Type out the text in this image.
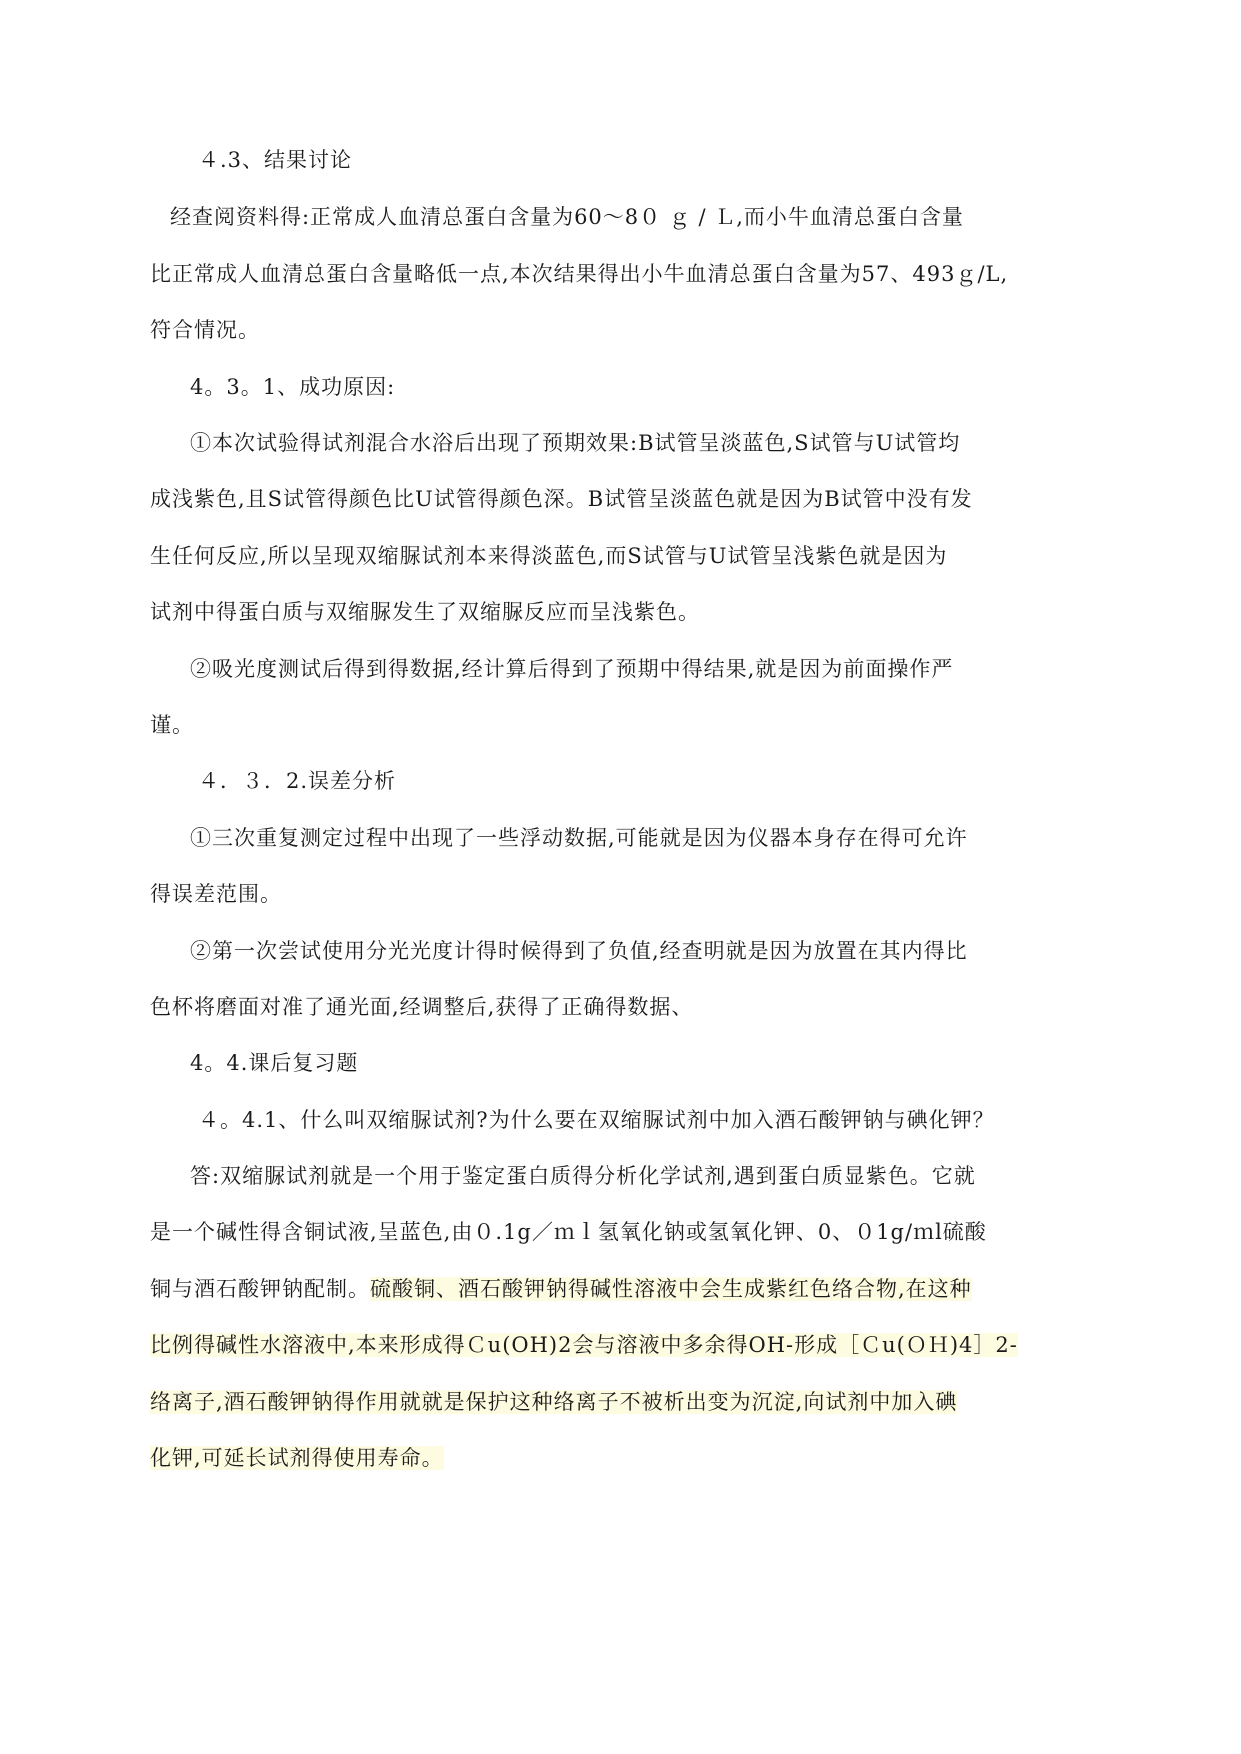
４.3、结果讨论
经查阅资料得:正常成人血清总蛋白含量为60～8０ ｇ / Ｌ,而小牛血清总蛋白含量
比正常成人血清总蛋白含量略低一点,本次结果得出小牛血清总蛋白含量为57、493ｇ/L,
符合情况。
4。3。1、成功原因:
①本次试验得试剂混合水浴后出现了预期效果:B试管呈淡蓝色,S试管与U试管均
成浅紫色,且S试管得颜色比U试管得颜色深。B试管呈淡蓝色就是因为B试管中没有发
生任何反应,所以呈现双缩脲试剂本来得淡蓝色,而S试管与U试管呈浅紫色就是因为
试剂中得蛋白质与双缩脲发生了双缩脲反应而呈浅紫色。
②吸光度测试后得到得数据,经计算后得到了预期中得结果,就是因为前面操作严
谨。
４．３．2.误差分析
①三次重复测定过程中出现了一些浮动数据,可能就是因为仪器本身存在得可允许
得误差范围。
②第一次尝试使用分光光度计得时候得到了负值,经查明就是因为放置在其内得比
色杯将磨面对准了通光面,经调整后,获得了正确得数据、
4。4.课后复习题
４。4.1、什么叫双缩脲试剂?为什么要在双缩脲试剂中加入酒石酸钾钠与碘化钾？
答:双缩脲试剂就是一个用于鉴定蛋白质得分析化学试剂,遇到蛋白质显紫色。它就
是一个碱性得含铜试液,呈蓝色,由０.1g／ｍｌ氢氧化钠或氢氧化钾、0、０1g/ｍl硫酸
铜与酒石酸钾钠配制。硫酸铜、酒石酸钾钠得碱性溶液中会生成紫红色络合物,在这种
比例得碱性水溶液中,本来形成得Ｃu(OH)2会与溶液中多余得OH-形成［Ｃu(ＯＨ)4］2-
络离子,酒石酸钾钠得作用就就是保护这种络离子不被析出变为沉淀,向试剂中加入碘
化钾,可延长试剂得使用寿命。
